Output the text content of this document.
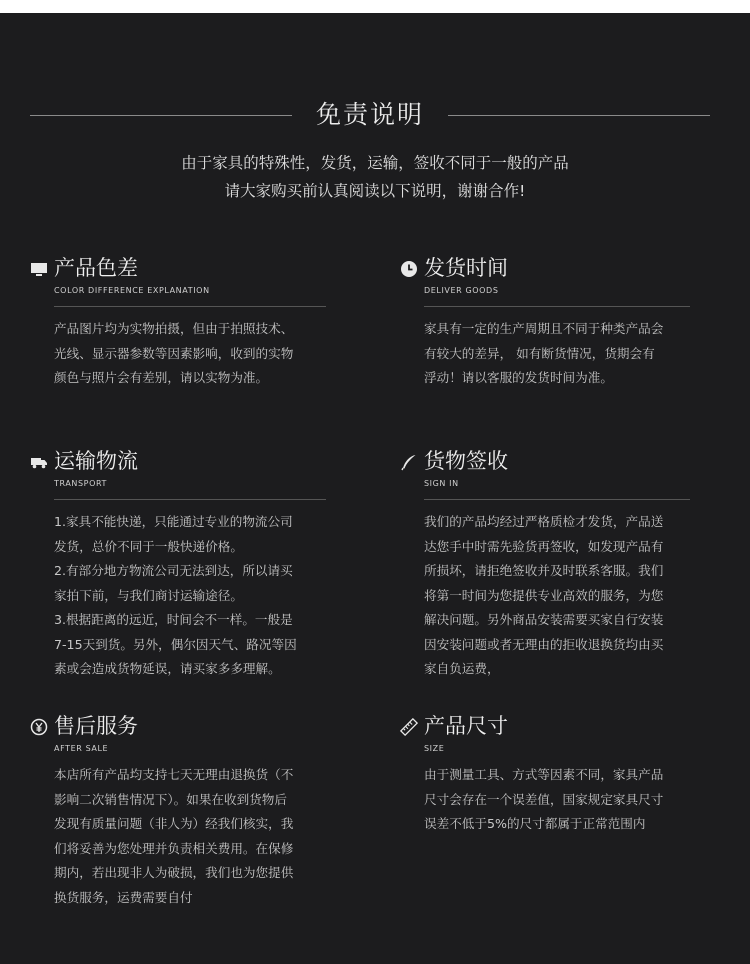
免责说明
由于家具的特殊性，发货，运输，签收不同于一般的产品
请大家购买前认真阅读以下说明，谢谢合作!
产品色差
COLOR DIFFERENCE EXPLANATION
产品图片均为实物拍摄，但由于拍照技术、
光线、显示器参数等因素影响，收到的实物
颜色与照片会有差别，请以实物为准。
发货时间
DELIVER GOODS
家具有一定的生产周期且不同于种类产品会
有较大的差异， 如有断货情况，货期会有
浮动！请以客服的发货时间为准。
运输物流
TRANSPORT
1.家具不能快递，只能通过专业的物流公司
发货，总价不同于一般快递价格。
2.有部分地方物流公司无法到达，所以请买
家拍下前，与我们商讨运输途径。
3.根据距离的远近，时间会不一样。一般是
7-15天到货。另外，偶尔因天气、路况等因
素或会造成货物延误，请买家多多理解。
货物签收
SIGN IN
我们的产品均经过严格质检才发货，产品送
达您手中时需先验货再签收，如发现产品有
所损坏，请拒绝签收并及时联系客服。我们
将第一时间为您提供专业高效的服务，为您
解决问题。另外商品安装需要买家自行安装
因安装问题或者无理由的拒收退换货均由买
家自负运费，
售后服务
AFTER SALE
本店所有产品均支持七天无理由退换货（不
影响二次销售情况下）。如果在收到货物后
发现有质量问题（非人为）经我们核实，我
们将妥善为您处理并负责相关费用。在保修
期内，若出现非人为破损，我们也为您提供
换货服务，运费需要自付
产品尺寸
SIZE
由于测量工具、方式等因素不同，家具产品
尺寸会存在一个误差值，国家规定家具尺寸
误差不低于5%的尺寸都属于正常范围内
